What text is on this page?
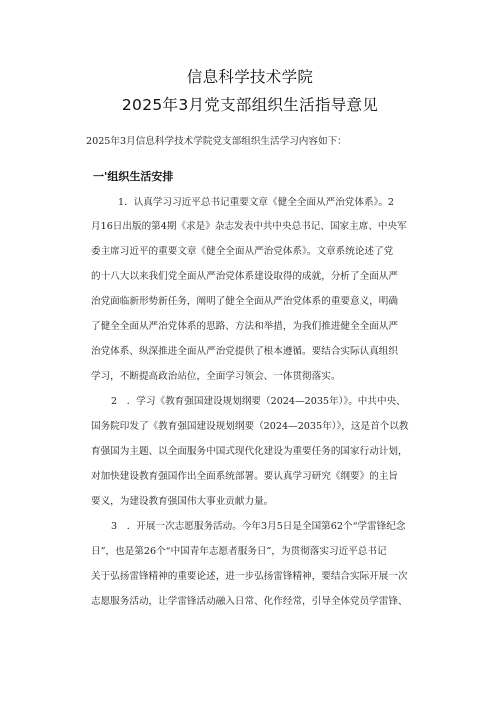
信息科学技术学院
2025年3月党支部组织生活指导意见
2025年3月信息科学技术学院党支部组织生活学习内容如下：
一'组织生活安排
1．认真学习习近平总书记重要文章《健全全面从严治党体系》。2
月16日出版的第4期《求是》杂志发表中共中央总书记、国家主席、中央军
委主席习近平的重要文章《健全全面从严治党体系》。文章系统论述了党
的十八大以来我们党全面从严治党体系建设取得的成就，分析了全面从严
治党面临新形势新任务，阐明了健全全面从严治党体系的重要意义，明确
了健全全面从严治党体系的思路、方法和举措，为我们推进健全全面从严
治党体系、纵深推进全面从严治党提供了根本遵循。要结合实际认真组织
学习，不断提高政治站位，全面学习领会、一体贯彻落实。
2　．学习《教育强国建设规划纲要（2024—2035年）》。中共中央、
国务院印发了《教育强国建设规划纲要（2024—2035年）》，这是首个以教
育强国为主题、以全面服务中国式现代化建设为重要任务的国家行动计划，
对加快建设教育强国作出全面系统部署。要认真学习研究《纲要》的主旨
要义，为建设教育强国伟大事业贡献力量。
3　．开展一次志愿服务活动。今年3月5日是全国第62个“学雷锋纪念
日”，也是第26个“中国青年志愿者服务日”，为贯彻落实习近平总书记
关于弘扬雷锋精神的重要论述，进一步弘扬雷锋精神，要结合实际开展一次
志愿服务活动，让学雷锋活动融入日常、化作经常，引导全体党员学雷锋、
